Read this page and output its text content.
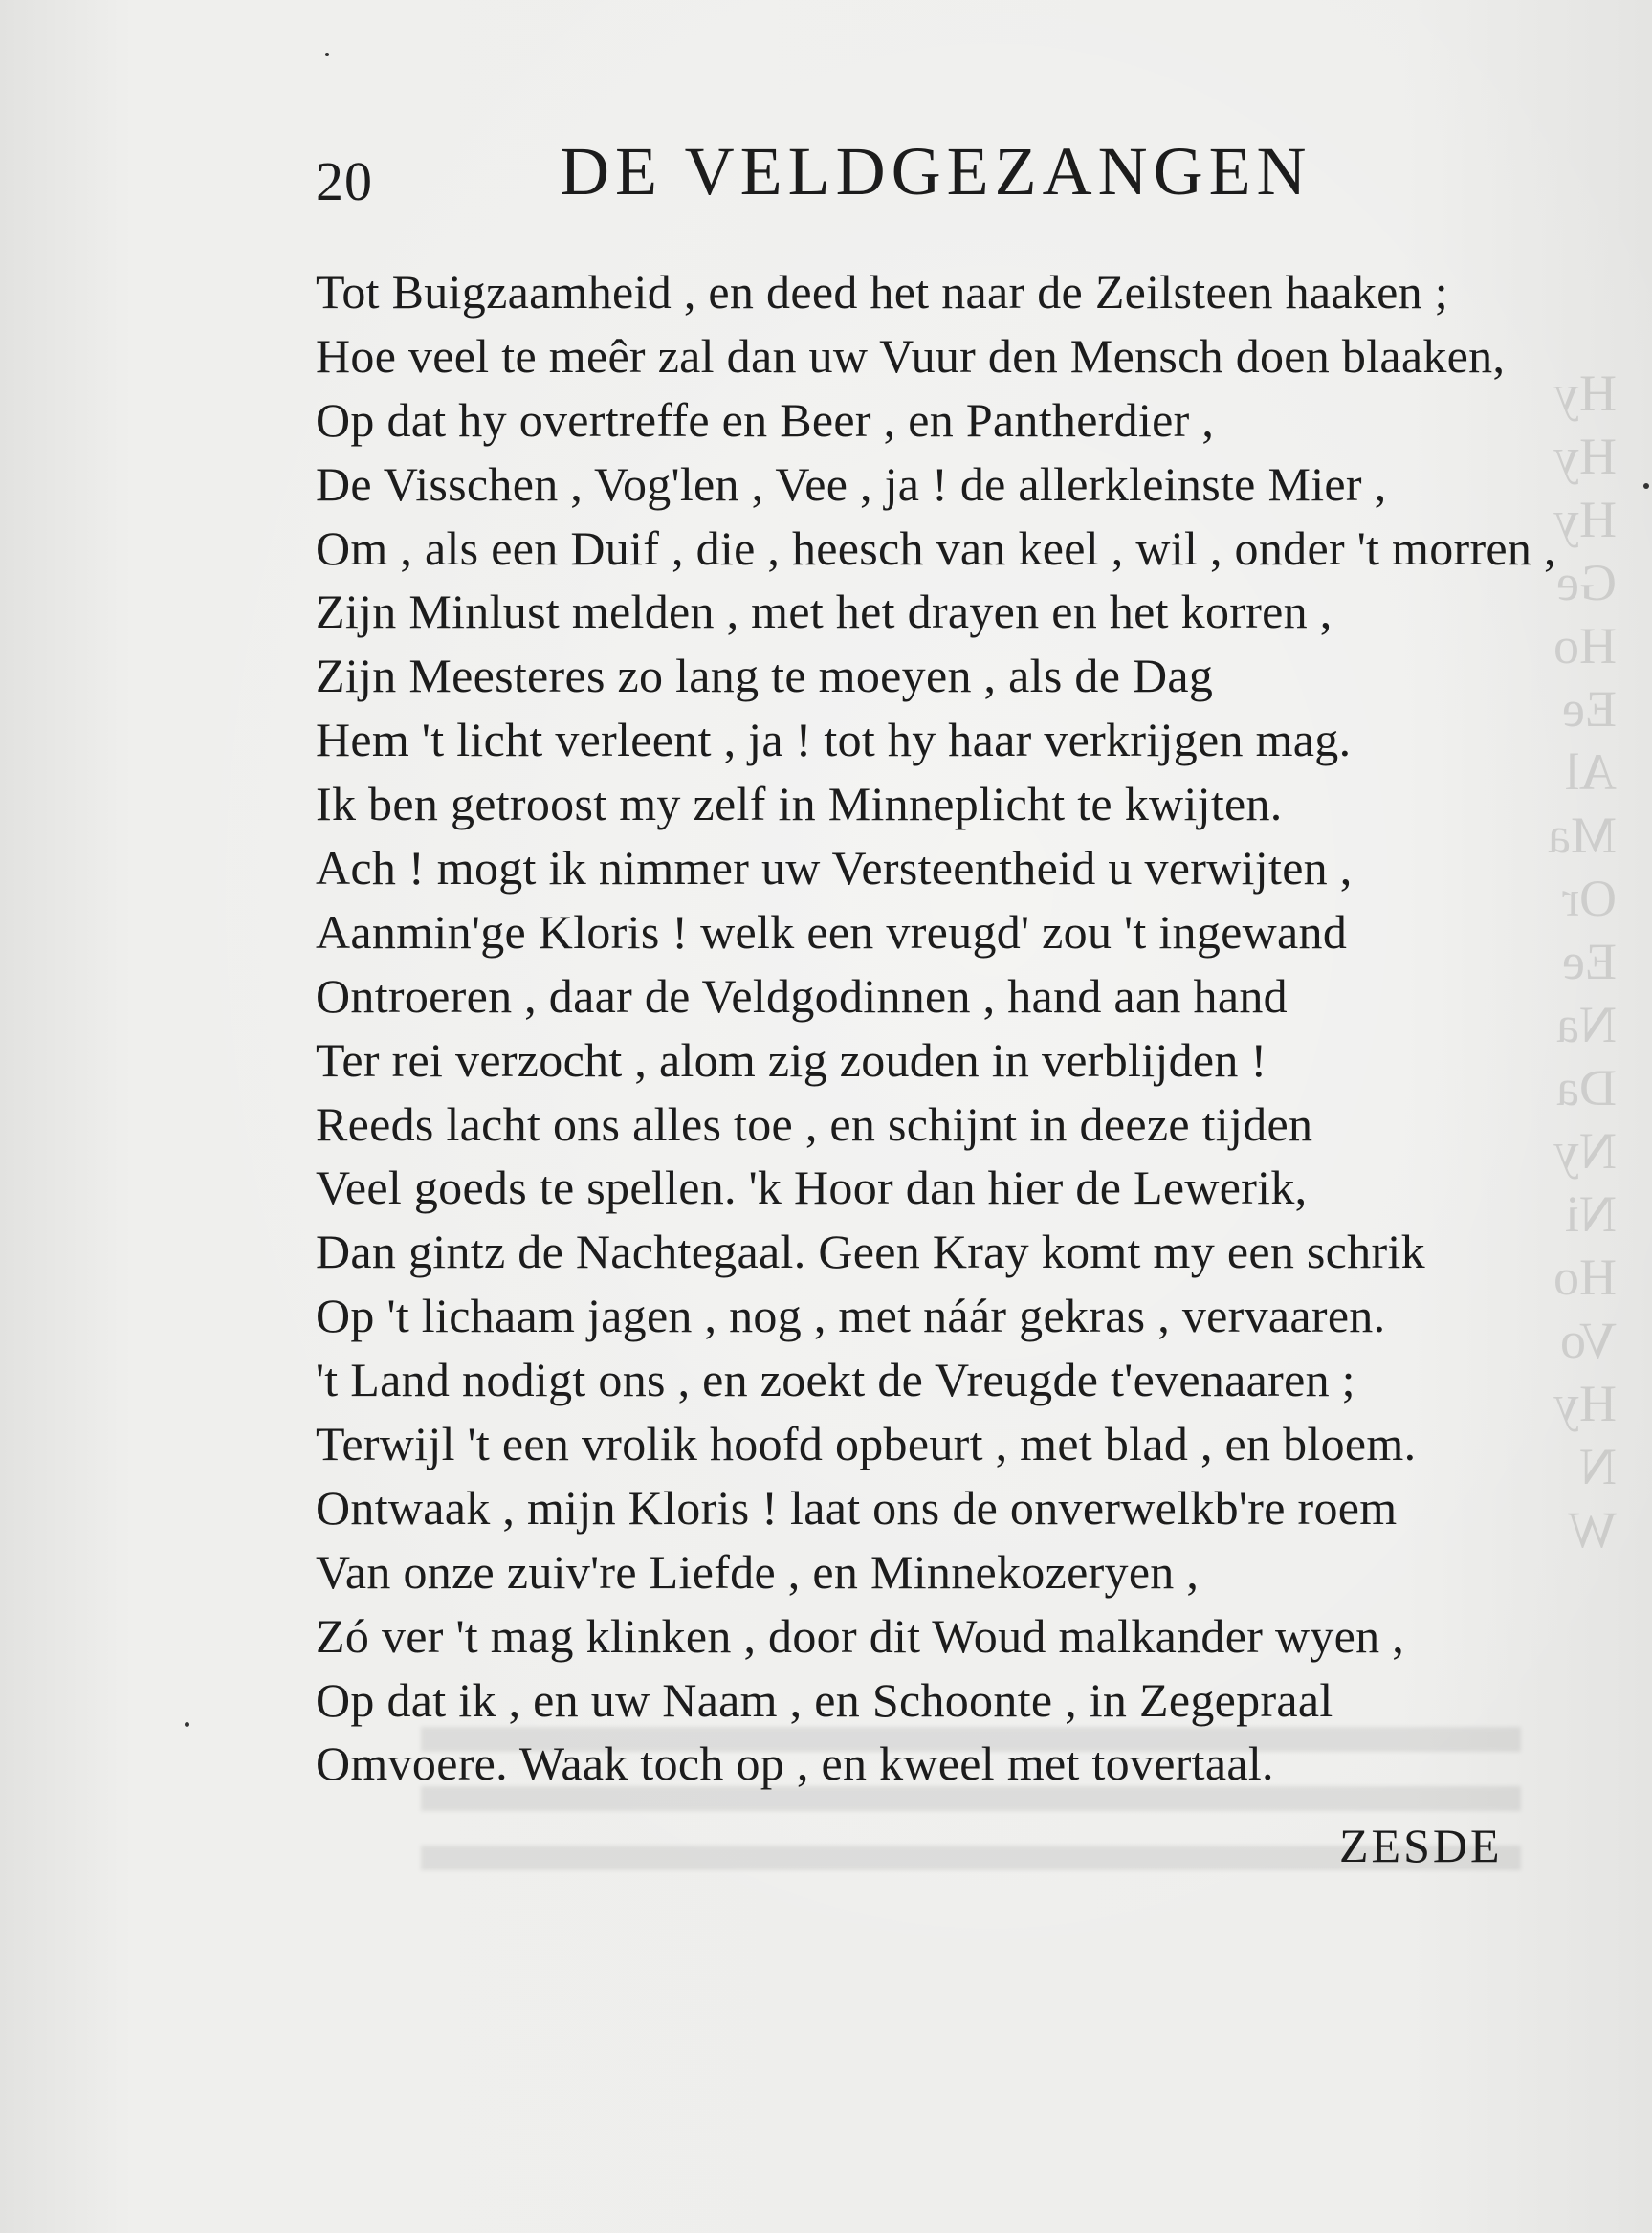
Hy
Hy
Hy
Ge
Ho
Ee
Al
Ma
Or
Ee
Na
Da
Ny
Ni
Ho
Vo
Hy
N
W
20	DE VELDGEZANGEN
Tot Buigzaamheid , en deed het naar de Zeilsteen haaken ;
Hoe veel te meêr zal dan uw Vuur den Mensch doen blaaken,
Op dat hy overtreffe en Beer , en Pantherdier ,
De Visschen , Vog'len , Vee , ja ! de allerkleinste Mier ,
Om , als een Duif , die , heesch van keel , wil , onder 't morren ,
Zijn Minlust melden , met het drayen en het korren ,
Zijn Meesteres zo lang te moeyen , als de Dag
Hem 't licht verleent , ja ! tot hy haar verkrijgen mag.
Ik ben getroost my zelf in Minneplicht te kwijten.
Ach ! mogt ik nimmer uw Versteentheid u verwijten ,
Aanmin'ge Kloris ! welk een vreugd' zou 't ingewand
Ontroeren , daar de Veldgodinnen , hand aan hand
Ter rei verzocht , alom zig zouden in verblijden !
Reeds lacht ons alles toe , en schijnt in deeze tijden
Veel goeds te spellen. 'k Hoor dan hier de Lewerik,
Dan gintz de Nachtegaal. Geen Kray komt my een schrik
Op 't lichaam jagen , nog , met náár gekras , vervaaren.
't Land nodigt ons , en zoekt de Vreugde t'evenaaren ;
Terwijl 't een vrolik hoofd opbeurt , met blad , en bloem.
Ontwaak , mijn Kloris ! laat ons de onverwelkb're roem
Van onze zuiv're Liefde , en Minnekozeryen ,
Zó ver 't mag klinken , door dit Woud malkander wyen ,
Op dat ik , en uw Naam , en Schoonte , in Zegepraal
Omvoere. Waak toch op , en kweel met tovertaal.
ZESDE
